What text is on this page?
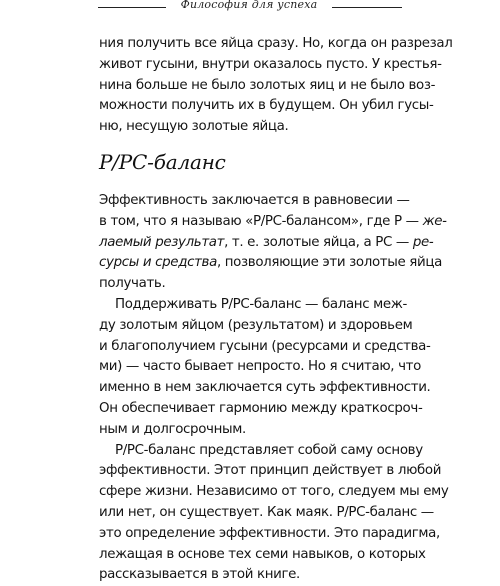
Философия для успеха
ния получить все яйца сразу. Но, когда он разрезал
живот гусыни, внутри оказалось пусто. У крестья-
нина больше не было золотых яиц и не было воз-
можности получить их в будущем. Он убил гусы-
ню, несущую золотые яйца.
Р/РС-баланс
Эффективность заключается в равновесии —
в том, что я называю «Р/РС-балансом», где Р — же-
лаемый результат, т. е. золотые яйца, а РС — ре-
сурсы и средства, позволяющие эти золотые яйца
получать.
Поддерживать Р/РС-баланс — баланс меж-
ду золотым яйцом (результатом) и здоровьем
и благополучием гусыни (ресурсами и средства-
ми) — часто бывает непросто. Но я считаю, что
именно в нем заключается суть эффективности.
Он обеспечивает гармонию между краткосроч-
ным и долгосрочным.
Р/РС-баланс представляет собой саму основу
эффективности. Этот принцип действует в любой
сфере жизни. Независимо от того, следуем мы ему
или нет, он существует. Как маяк. Р/РС-баланс —
это определение эффективности. Это парадигма,
лежащая в основе тех семи навыков, о которых
рассказывается в этой книге.
